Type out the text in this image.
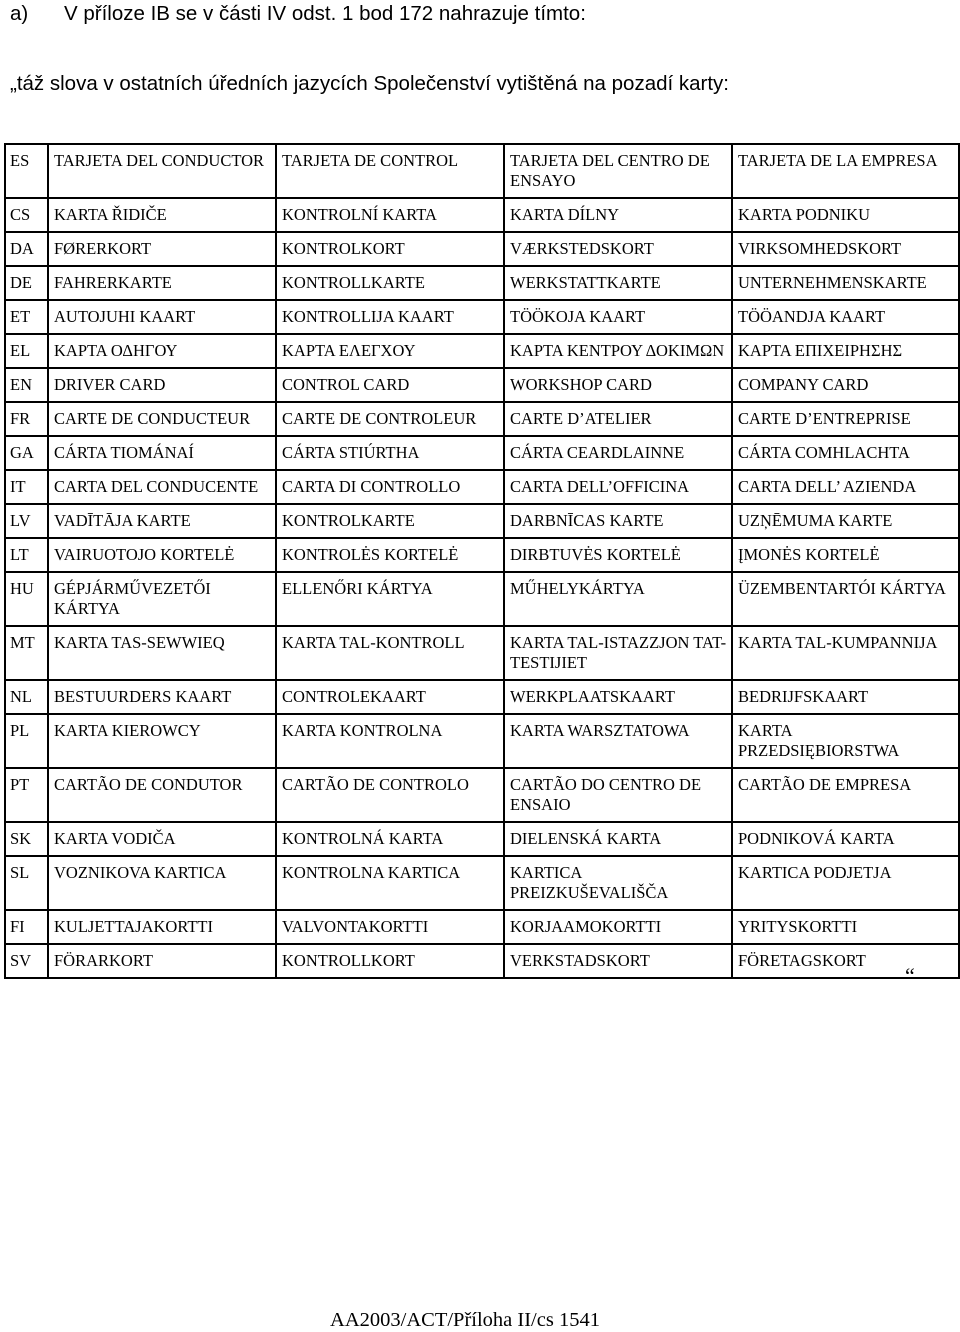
a) V příloze IB se v části IV odst. 1 bod 172 nahrazuje tímto:
„táž slova v ostatních úředních jazycích Společenství vytištěná na pozadí karty:
ES	TARJETA DEL CONDUCTOR	TARJETA DE CONTROL	TARJETA DEL CENTRO DE ENSAYO	TARJETA DE LA EMPRESA
CS	KARTA ŘIDIČE	KONTROLNÍ KARTA	KARTA DÍLNY	KARTA PODNIKU
DA	FØRERKORT	KONTROLKORT	VÆRKSTEDSKORT	VIRKSOMHEDSKORT
DE	FAHRERKARTE	KONTROLLKARTE	WERKSTATTKARTE	UNTERNEHMENSKARTE
ET	AUTOJUHI KAART	KONTROLLIJA KAART	TÖÖKOJA KAART	TÖÖANDJA KAART
EL	ΚΑΡΤΑ ΟΔΗΓΟΥ	ΚΑΡΤΑ ΕΛΕΓΧΟΥ	ΚΑΡΤΑ ΚΕΝΤΡΟΥ ΔΟΚΙΜΩΝ	ΚΑΡΤΑ ΕΠΙΧΕΙΡΗΣΗΣ
EN	DRIVER CARD	CONTROL CARD	WORKSHOP CARD	COMPANY CARD
FR	CARTE DE CONDUCTEUR	CARTE DE CONTROLEUR	CARTE D’ATELIER	CARTE D’ENTREPRISE
GA	CÁRTA TIOMÁNAÍ	CÁRTA STIÚRTHA	CÁRTA CEARDLAINNE	CÁRTA COMHLACHTA
IT	CARTA DEL CONDUCENTE	CARTA DI CONTROLLO	CARTA DELL’OFFICINA	CARTA DELL’ AZIENDA
LV	VADĪTĀJA KARTE	KONTROLKARTE	DARBNĪCAS KARTE	UZŅĒMUMA KARTE
LT	VAIRUOTOJO KORTELĖ	KONTROLĖS KORTELĖ	DIRBTUVĖS KORTELĖ	ĮMONĖS KORTELĖ
HU	GÉPJÁRMŰVEZETŐI KÁRTYA	ELLENŐRI KÁRTYA	MŰHELYKÁRTYA	ÜZEMBENTARTÓI KÁRTYA
MT	KARTA TAS-SEWWIEQ	KARTA TAL-KONTROLL	KARTA TAL-ISTAZZJON TAT-TESTIJIET	KARTA TAL-KUMPANNIJA
NL	BESTUURDERS KAART	CONTROLEKAART	WERKPLAATSKAART	BEDRIJFSKAART
PL	KARTA KIEROWCY	KARTA KONTROLNA	KARTA WARSZTATOWA	KARTA PRZEDSIĘBIORSTWA
PT	CARTÃO DE CONDUTOR	CARTÃO DE CONTROLO	CARTÃO DO CENTRO DE ENSAIO	CARTÃO DE EMPRESA
SK	KARTA VODIČA	KONTROLNÁ KARTA	DIELENSKÁ KARTA	PODNIKOVÁ KARTA
SL	VOZNIKOVA KARTICA	KONTROLNA KARTICA	KARTICA PREIZKUŠEVALIŠČA	KARTICA PODJETJA
FI	KULJETTAJAKORTTI	VALVONTAKORTTI	KORJAAMOKORTTI	YRITYSKORTTI
SV	FÖRARKORT	KONTROLLKORT	VERKSTADSKORT	FÖRETAGSKORT
“
AA2003/ACT/Příloha II/cs 1541
